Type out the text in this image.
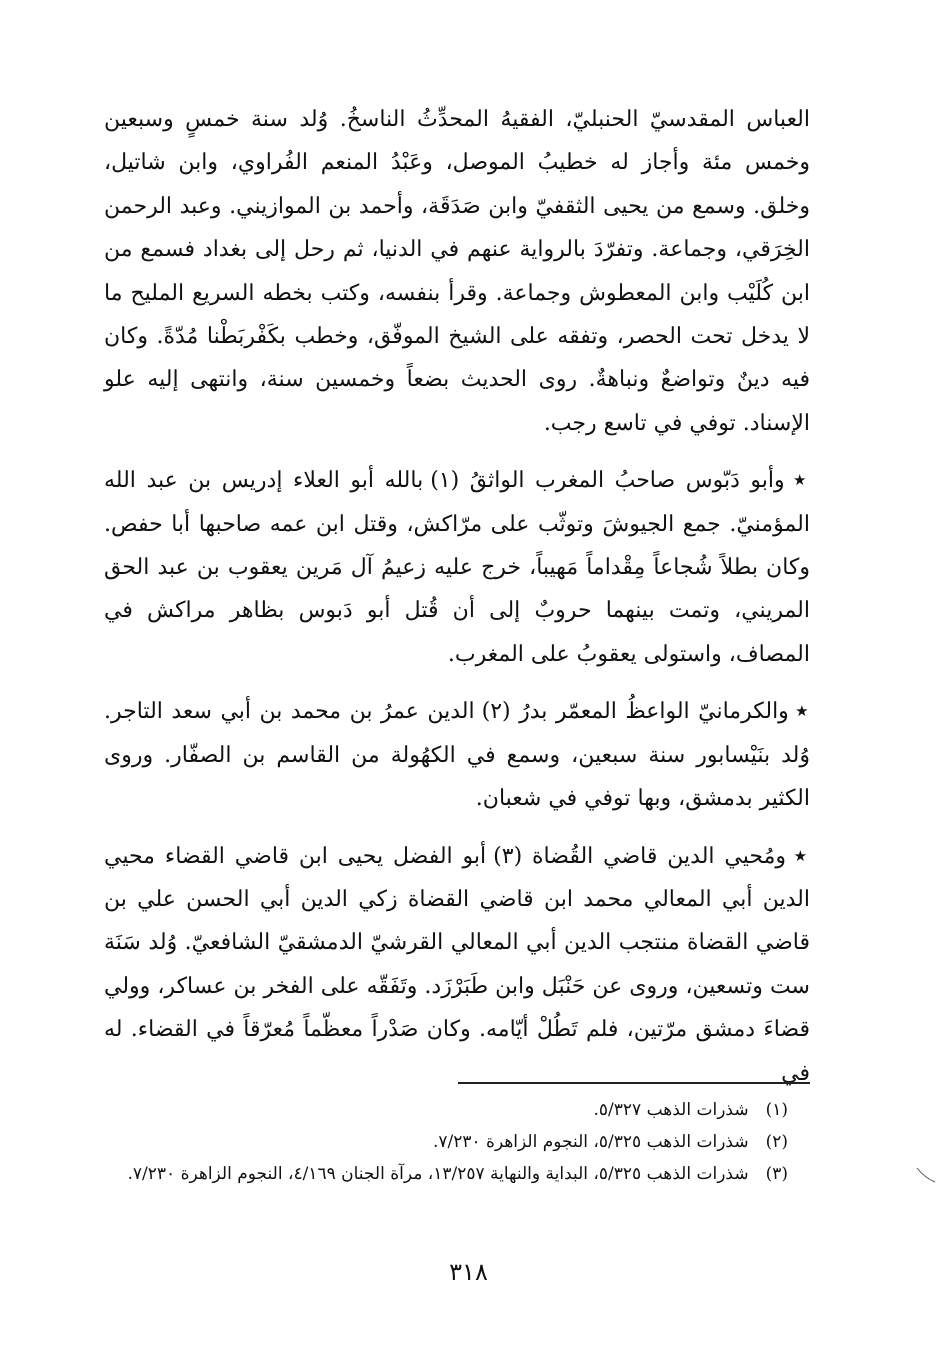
العباس المقدسيّ الحنبليّ، الفقيهُ المحدِّثُ الناسخُ. وُلد سنة خمسٍ وسبعين وخمس مئة وأجاز له خطيبُ الموصل، وعَبْدُ المنعم الفُراوي، وابن شاتيل، وخلق. وسمع من يحيى الثقفيّ وابن صَدَقَة، وأحمد بن الموازيني. وعبد الرحمن الخِرَقي، وجماعة. وتفرّدَ بالرواية عنهم في الدنيا، ثم رحل إلى بغداد فسمع من ابن كُلَيْب وابن المعطوش وجماعة. وقرأ بنفسه، وكتب بخطه السريع المليح ما لا يدخل تحت الحصر، وتفقه على الشيخ الموفّق، وخطب بكَفْربَطْنا مُدّةً. وكان فيه دينٌ وتواضعٌ ونباهةٌ. روى الحديث بضعاً وخمسين سنة، وانتهى إليه علو الإسناد. توفي في تاسع رجب.

★ وأبو دَبّوس صاحبُ المغرب الواثقُ (١) بالله أبو العلاء إدريس بن عبد الله المؤمنيّ. جمع الجيوشَ وتوثّب على مرّاكش، وقتل ابن عمه صاحبها أبا حفص. وكان بطلاً شُجاعاً مِقْداماً مَهيباً، خرج عليه زعيمُ آل مَرين يعقوب بن عبد الحق المريني، وتمت بينهما حروبٌ إلى أن قُتل أبو دَبوس بظاهر مراكش في المصاف، واستولى يعقوبُ على المغرب.

★ والكرمانيّ الواعظُ المعمّر بدرُ (٢) الدين عمرُ بن محمد بن أبي سعد التاجر. وُلد بنَيْسابور سنة سبعين، وسمع في الكهُولة من القاسم بن الصفّار. وروى الكثير بدمشق، وبها توفي في شعبان.

★ ومُحيي الدين قاضي القُضاة (٣) أبو الفضل يحيى ابن قاضي القضاء محيي الدين أبي المعالي محمد ابن قاضي القضاة زكي الدين أبي الحسن علي بن قاضي القضاة منتجب الدين أبي المعالي القرشيّ الدمشقيّ الشافعيّ. وُلد سَنَة ست وتسعين، وروى عن حَنْبَل وابن طَبَرْزَد. وتَفَقّه على الفخر بن عساكر، وولي قضاءَ دمشق مرّتين، فلم تَطُلْ أيّامه. وكان صَدْراً معظّماً مُعرّقاً في القضاء. له في

(١) شذرات الذهب ٥/٣٢٧.

(٢) شذرات الذهب ٥/٣٢٥، النجوم الزاهرة ٧/٢٣٠.

(٣) شذرات الذهب ٥/٣٢٥، البداية والنهاية ١٣/٢٥٧، مرآة الجنان ٤/١٦٩، النجوم الزاهرة ٧/٢٣٠.

٣١٨
